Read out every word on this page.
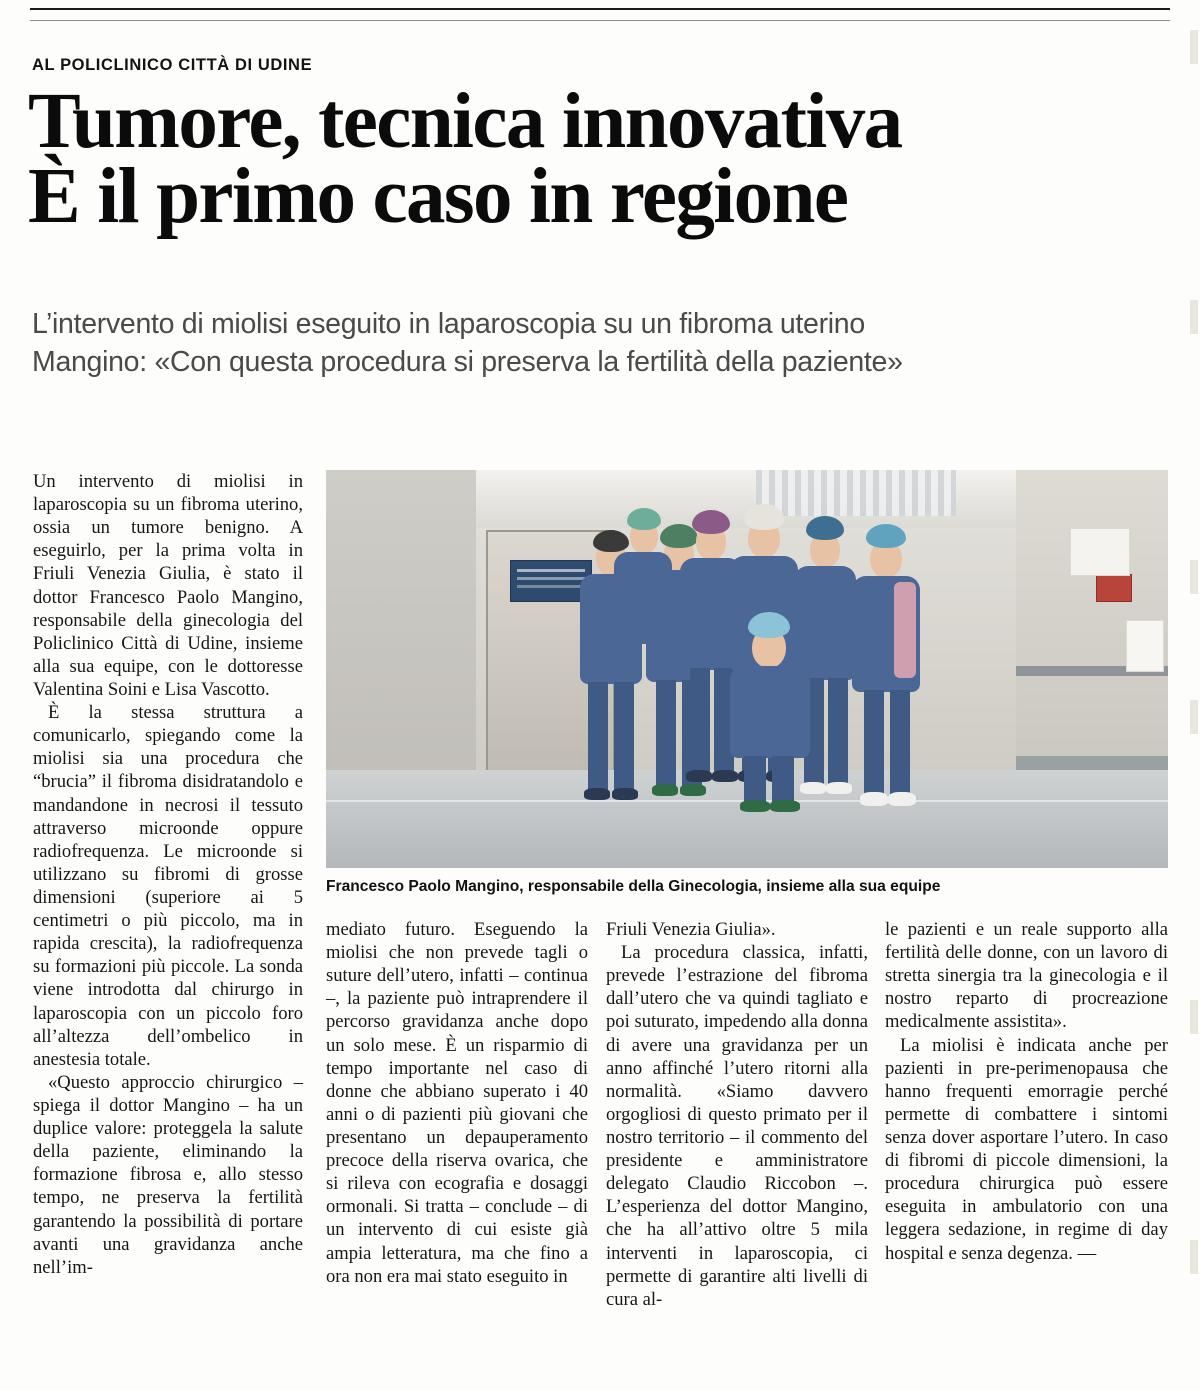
AL POLICLINICO CITTÀ DI UDINE
Tumore, tecnica innovativa
È il primo caso in regione
L’intervento di miolisi eseguito in laparoscopia su un fibroma uterino
Mangino: «Con questa procedura si preserva la fertilità della paziente»
Francesco Paolo Mangino, responsabile della Ginecologia, insieme alla sua equipe

Un intervento di miolisi in laparoscopia su un fibroma uterino, ossia un tumore benigno. A eseguirlo, per la prima volta in Friuli Venezia Giulia, è stato il dottor Francesco Paolo Mangino, responsabile della ginecologia del Policlinico Città di Udine, insieme alla sua equipe, con le dottoresse Valentina Soini e Lisa Vascotto.

È la stessa struttura a comunicarlo, spiegando come la miolisi sia una procedura che “brucia” il fibroma disidratandolo e mandandone in necrosi il tessuto attraverso microonde oppure radiofrequenza. Le microonde si utilizzano su fibromi di grosse dimensioni (superiore ai 5 centimetri o più piccolo, ma in rapida crescita), la radiofrequenza su formazioni più piccole. La sonda viene introdotta dal chirurgo in laparoscopia con un piccolo foro all’altezza dell’ombelico in anestesia totale.

«Questo approccio chirurgico – spiega il dottor Mangino – ha un duplice valore: proteggela la salute della paziente, eliminando la formazione fibrosa e, allo stesso tempo, ne preserva la fertilità garantendo la possibilità di portare avanti una gravidanza anche nell’im-

mediato futuro. Eseguendo la miolisi che non prevede tagli o suture dell’utero, infatti – continua –, la paziente può intraprendere il percorso gravidanza anche dopo un solo mese. È un risparmio di tempo importante nel caso di donne che abbiano superato i 40 anni o di pazienti più giovani che presentano un depauperamento precoce della riserva ovarica, che si rileva con ecografia e dosaggi ormonali. Si tratta – conclude – di un intervento di cui esiste già ampia letteratura, ma che fino a ora non era mai stato eseguito in

Friuli Venezia Giulia».

La procedura classica, infatti, prevede l’estrazione del fibroma dall’utero che va quindi tagliato e poi suturato, impedendo alla donna di avere una gravidanza per un anno affinché l’utero ritorni alla normalità. «Siamo davvero orgogliosi di questo primato per il nostro territorio – il commento del presidente e amministratore delegato Claudio Riccobon –. L’esperienza del dottor Mangino, che ha all’attivo oltre 5 mila interventi in laparoscopia, ci permette di garantire alti livelli di cura al-

le pazienti e un reale supporto alla fertilità delle donne, con un lavoro di stretta sinergia tra la ginecologia e il nostro reparto di procreazione medicalmente assistita».

La miolisi è indicata anche per pazienti in pre-perimenopausa che hanno frequenti emorragie perché permette di combattere i sintomi senza dover asportare l’utero. In caso di fibromi di piccole dimensioni, la procedura chirurgica può essere eseguita in ambulatorio con una leggera sedazione, in regime di day hospital e senza degenza. —
